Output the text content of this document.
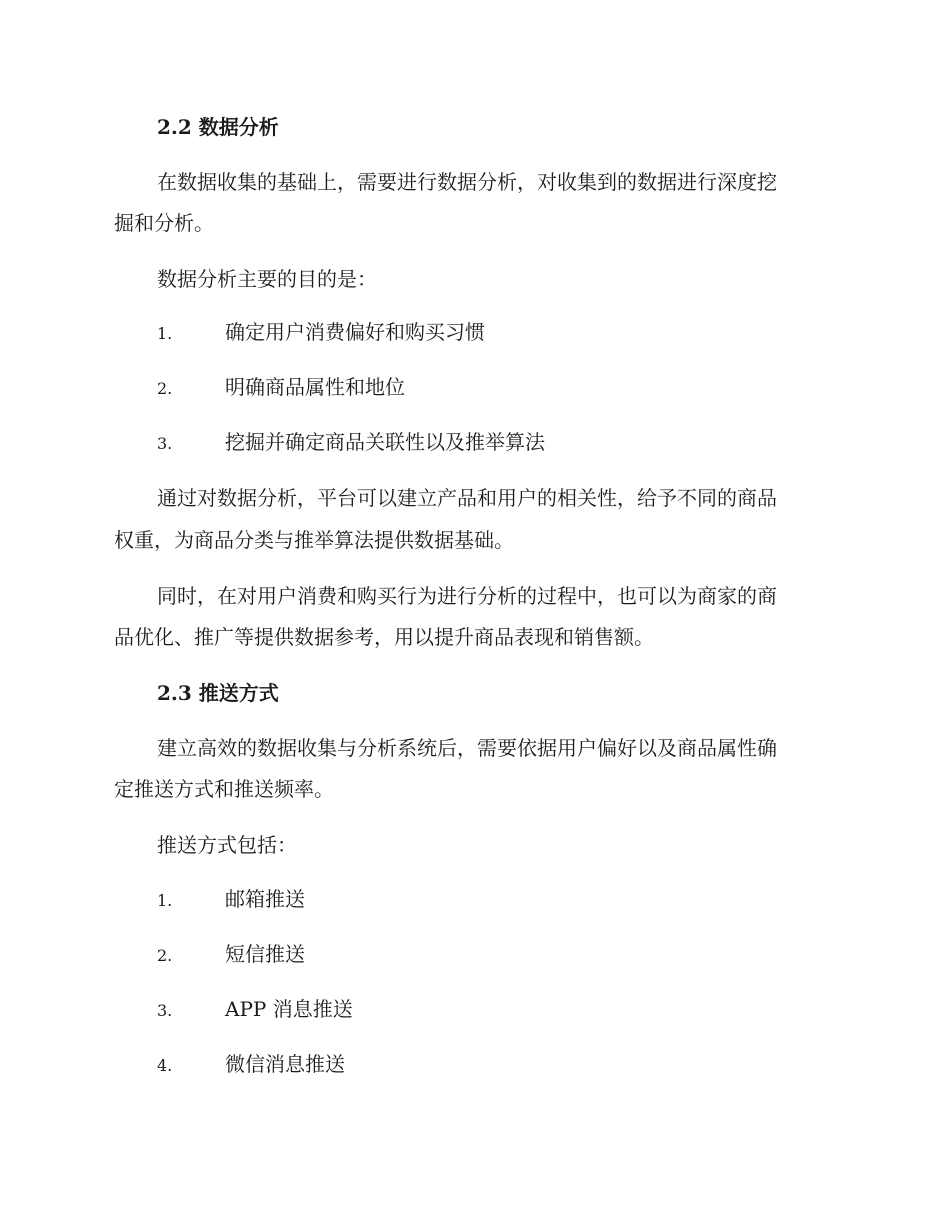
2.2 数据分析
在数据收集的基础上，需要进行数据分析，对收集到的数据进行深度挖
掘和分析。
数据分析主要的目的是：
1.	确定用户消费偏好和购买习惯
2.	明确商品属性和地位
3.	挖掘并确定商品关联性以及推举算法
通过对数据分析，平台可以建立产品和用户的相关性，给予不同的商品
权重，为商品分类与推举算法提供数据基础。
同时，在对用户消费和购买行为进行分析的过程中，也可以为商家的商
品优化、推广等提供数据参考，用以提升商品表现和销售额。
2.3 推送方式
建立高效的数据收集与分析系统后，需要依据用户偏好以及商品属性确
定推送方式和推送频率。
推送方式包括：
1.	邮箱推送
2.	短信推送
3.	APP 消息推送
4.	微信消息推送
